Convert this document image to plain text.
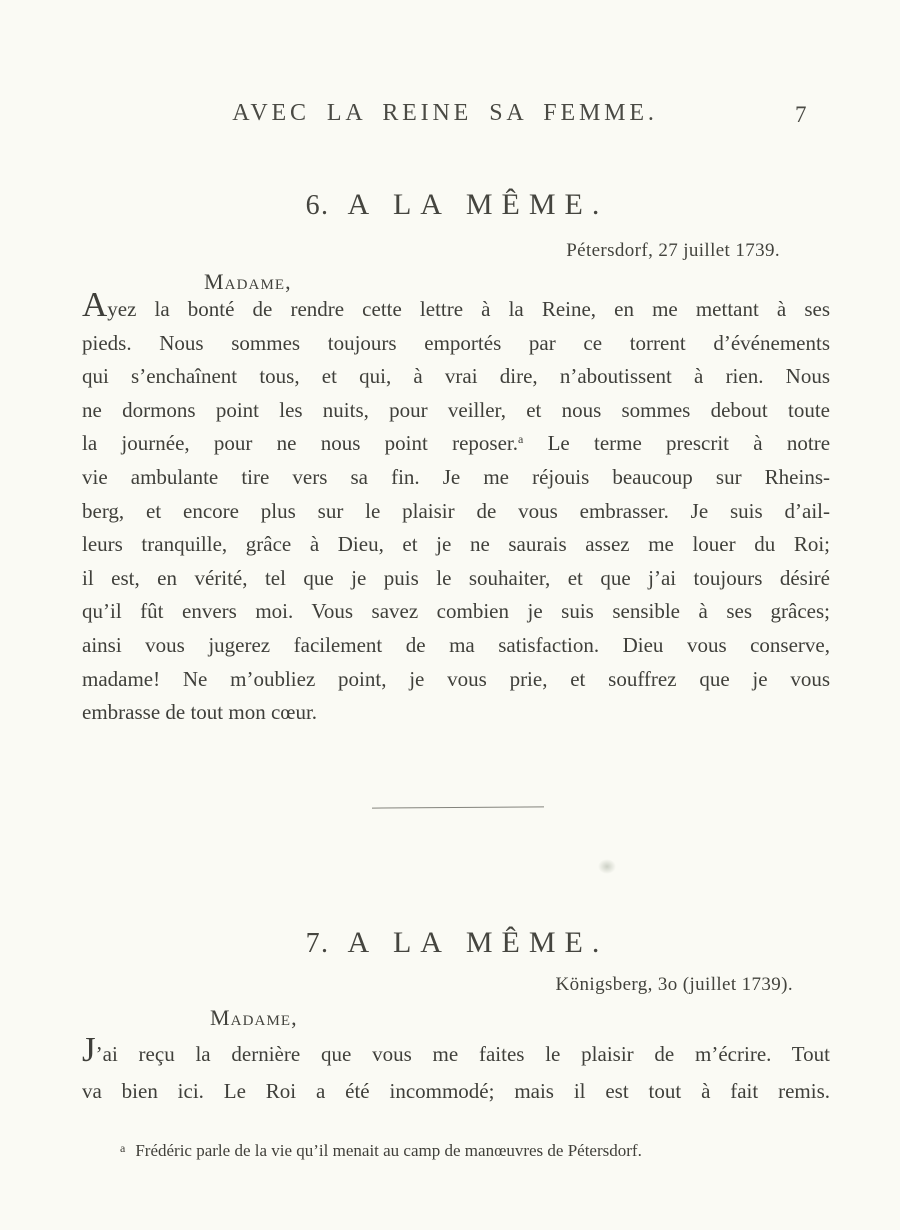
AVEC LA REINE SA FEMME.	7
6. A LA MÊME.
Pétersdorf, 27 juillet 1739.
Madame,
Ayez la bonté de rendre cette lettre à la Reine, en me mettant à ses
pieds. Nous sommes toujours emportés par ce torrent d’événements
qui s’enchaînent tous, et qui, à vrai dire, n’aboutissent à rien. Nous
ne dormons point les nuits, pour veiller, et nous sommes debout toute
la journée, pour ne nous point reposer.$^a$ Le terme prescrit à notre
vie ambulante tire vers sa fin. Je me réjouis beaucoup sur Rheins-
berg, et encore plus sur le plaisir de vous embrasser. Je suis d’ail-
leurs tranquille, grâce à Dieu, et je ne saurais assez me louer du Roi;
il est, en vérité, tel que je puis le souhaiter, et que j’ai toujours désiré
qu’il fût envers moi. Vous savez combien je suis sensible à ses grâces;
ainsi vous jugerez facilement de ma satisfaction. Dieu vous conserve,
madame! Ne m’oubliez point, je vous prie, et souffrez que je vous
embrasse de tout mon cœur.
7. A LA MÊME.
Königsberg, 3o (juillet 1739).
Madame,
J’ai reçu la dernière que vous me faites le plaisir de m’écrire. Tout
va bien ici. Le Roi a été incommodé; mais il est tout à fait remis.
$^a$ Frédéric parle de la vie qu’il menait au camp de manœuvres de Pétersdorf.
